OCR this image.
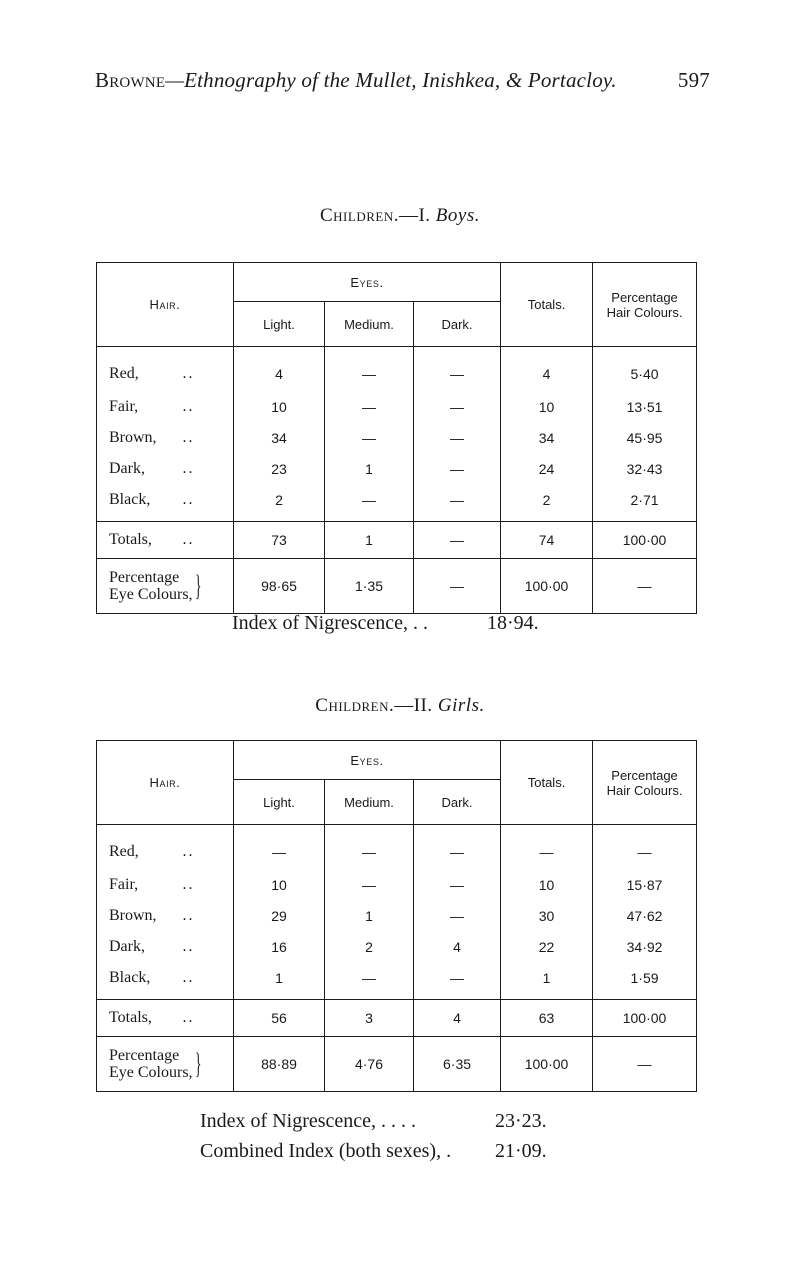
Browne—Ethnography of the Mullet, Inishkea, & Portacloy.	597
Children.—I. Boys.
Hair.	Eyes.			Totals.	Percentage
Hair Colours.
	Light.	Medium.	Dark.		
Red, ..	4	—	—	4	5·40
Fair, ..	10	—	—	10	13·51
Brown, ..	34	—	—	34	45·95
Dark, ..	23	1	—	24	32·43
Black, ..	2	—	—	2	2·71
Totals, ..	73	1	—	74	100·00
Percentage
Eye Colours,}	98·65	1·35	—	100·00	—
Index of Nigrescence, . .	18·94.
Children.—II. Girls.
Hair.	Eyes.			Totals.	Percentage
Hair Colours.
	Light.	Medium.	Dark.		
Red, ..	—	—	—	—	—
Fair, ..	10	—	—	10	15·87
Brown, ..	29	1	—	30	47·62
Dark, ..	16	2	4	22	34·92
Black, ..	1	—	—	1	1·59
Totals, ..	56	3	4	63	100·00
Percentage
Eye Colours,}	88·89	4·76	6·35	100·00	—
Index of Nigrescence, . . . .	23·23.
Combined Index (both sexes), . 21·09.
